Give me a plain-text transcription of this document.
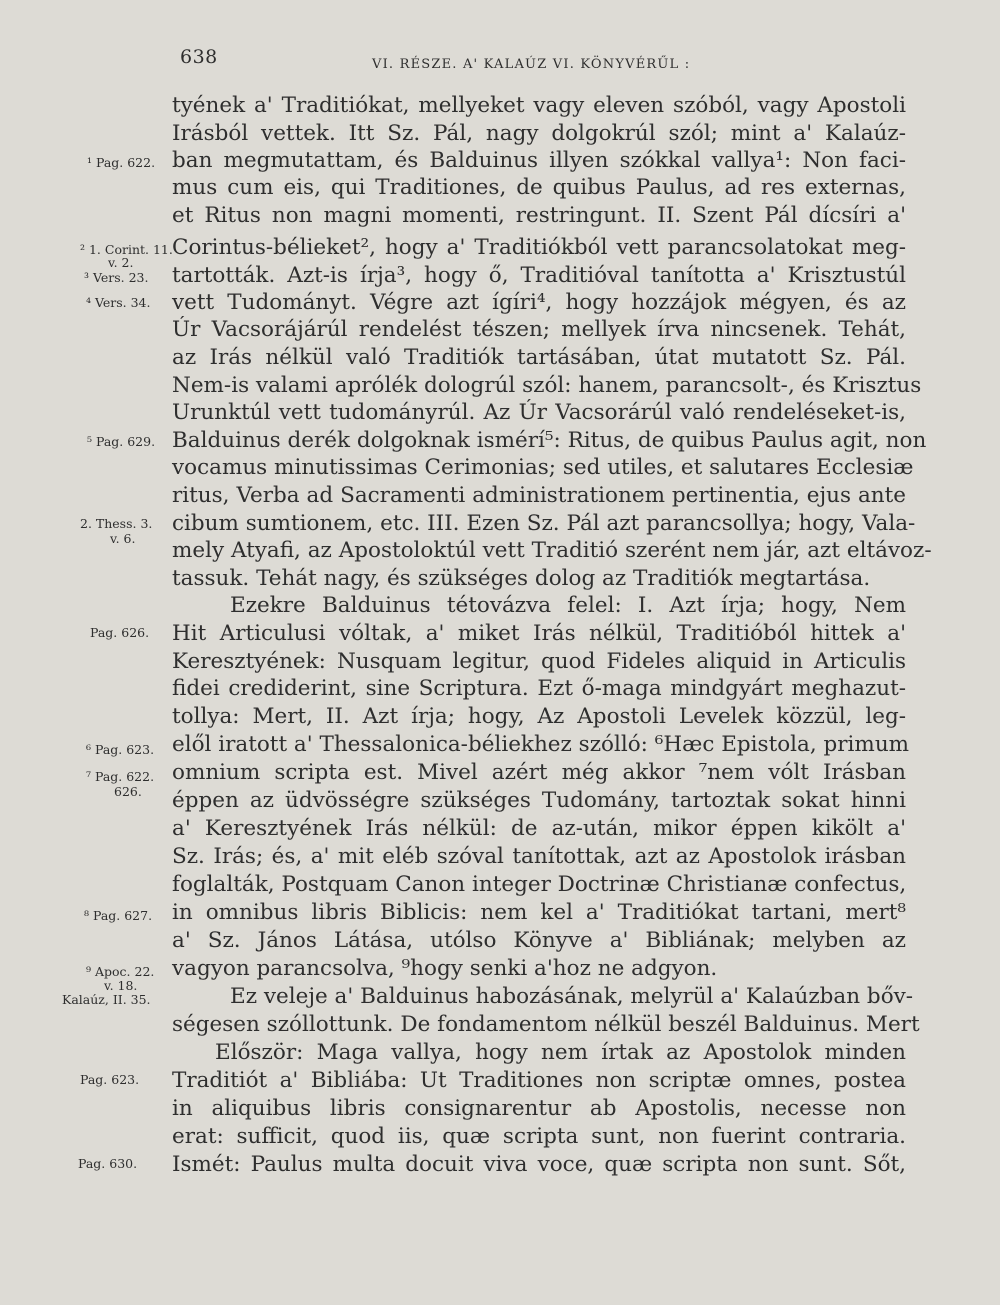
638	VI. RÉSZE. A' KALAÚZ VI. KÖNYVÉRŰL :
¹ Pag. 622.
² 1. Corint. 11.
v. 2.
³ Vers. 23.
⁴ Vers. 34.
⁵ Pag. 629.
2. Thess. 3.
v. 6.
Pag. 626.
⁶ Pag. 623.
⁷ Pag. 622.
626.
⁸ Pag. 627.
⁹ Apoc. 22.
v. 18.
Kalaúz, II. 35.
Pag. 623.
Pag. 630.
tyének a' Traditiókat, mellyeket vagy eleven szóból, vagy Apostoli
Irásból vettek. Itt Sz. Pál, nagy dolgokrúl szól; mint a' Kalaúz-
ban megmutattam, és Balduinus illyen szókkal vallya¹: Non faci-
mus cum eis, qui Traditiones, de quibus Paulus, ad res externas,
et Ritus non magni momenti, restringunt. II. Szent Pál dícsíri a'
Corintus-bélieket², hogy a' Traditiókból vett parancsolatokat meg-
tartották. Azt-is írja³, hogy ő, Traditióval tanította a' Krisztustúl
vett Tudományt. Végre azt ígíri⁴, hogy hozzájok mégyen, és az
Úr Vacsorájárúl rendelést tészen; mellyek írva nincsenek. Tehát,
az Irás nélkül való Traditiók tartásában, útat mutatott Sz. Pál.
Nem-is valami aprólék dologrúl szól: hanem, parancsolt-, és Krisztus
Urunktúl vett tudományrúl. Az Úr Vacsorárúl való rendeléseket-is,
Balduinus derék dolgoknak ismérí⁵: Ritus, de quibus Paulus agit, non
vocamus minutissimas Cerimonias; sed utiles, et salutares Ecclesiæ
ritus, Verba ad Sacramenti administrationem pertinentia, ejus ante
cibum sumtionem, etc. III. Ezen Sz. Pál azt parancsollya; hogy, Vala-
mely Atyafi, az Apostoloktúl vett Traditió szerént nem jár, azt eltávoz-
tassuk. Tehát nagy, és szükséges dolog az Traditiók megtartása.
Ezekre Balduinus tétovázva felel: I. Azt írja; hogy, Nem
Hit Articulusi vóltak, a' miket Irás nélkül, Traditióból hittek a'
Keresztyének: Nusquam legitur, quod Fideles aliquid in Articulis
fidei crediderint, sine Scriptura. Ezt ő-maga mindgyárt meghazut-
tollya: Mert, II. Azt írja; hogy, Az Apostoli Levelek közzül, leg-
elől iratott a' Thessalonica-béliekhez szólló: ⁶Hæc Epistola, primum
omnium scripta est. Mivel azért még akkor ⁷nem vólt Irásban
éppen az üdvösségre szükséges Tudomány, tartoztak sokat hinni
a' Keresztyének Irás nélkül: de az-után, mikor éppen kikölt a'
Sz. Irás; és, a' mit eléb szóval tanítottak, azt az Apostolok irásban
foglalták, Postquam Canon integer Doctrinæ Christianæ confectus,
in omnibus libris Biblicis: nem kel a' Traditiókat tartani, mert⁸
a' Sz. János Látása, utólso Könyve a' Bibliának; melyben az
vagyon parancsolva, ⁹hogy senki a'hoz ne adgyon.
Ez veleje a' Balduinus habozásának, melyrül a' Kalaúzban bőv-
ségesen szóllottunk. De fondamentom nélkül beszél Balduinus. Mert
Először: Maga vallya, hogy nem írtak az Apostolok minden
Traditiót a' Bibliába: Ut Traditiones non scriptæ omnes, postea
in aliquibus libris consignarentur ab Apostolis, necesse non
erat: sufficit, quod iis, quæ scripta sunt, non fuerint contraria.
Ismét: Paulus multa docuit viva voce, quæ scripta non sunt. Sőt,
